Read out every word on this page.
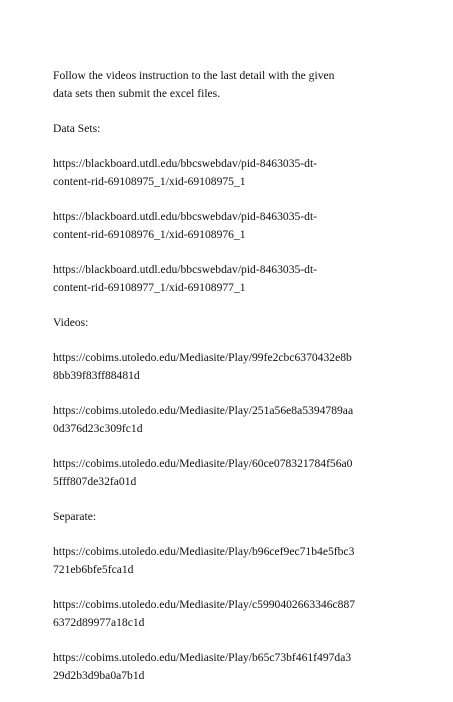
Follow the videos instruction to the last detail with the given
data sets then submit the excel files.

Data Sets:

https://blackboard.utdl.edu/bbcswebdav/pid-8463035-dt-
content-rid-69108975_1/xid-69108975_1

https://blackboard.utdl.edu/bbcswebdav/pid-8463035-dt-
content-rid-69108976_1/xid-69108976_1

https://blackboard.utdl.edu/bbcswebdav/pid-8463035-dt-
content-rid-69108977_1/xid-69108977_1

Videos:

https://cobims.utoledo.edu/Mediasite/Play/99fe2cbc6370432e8b
8bb39f83ff88481d

https://cobims.utoledo.edu/Mediasite/Play/251a56e8a5394789aa
0d376d23c309fc1d

https://cobims.utoledo.edu/Mediasite/Play/60ce078321784f56a0
5fff807de32fa01d

Separate:

https://cobims.utoledo.edu/Mediasite/Play/b96cef9ec71b4e5fbc3
721eb6bfe5fca1d

https://cobims.utoledo.edu/Mediasite/Play/c5990402663346c887
6372d89977a18c1d

https://cobims.utoledo.edu/Mediasite/Play/b65c73bf461f497da3
29d2b3d9ba0a7b1d
